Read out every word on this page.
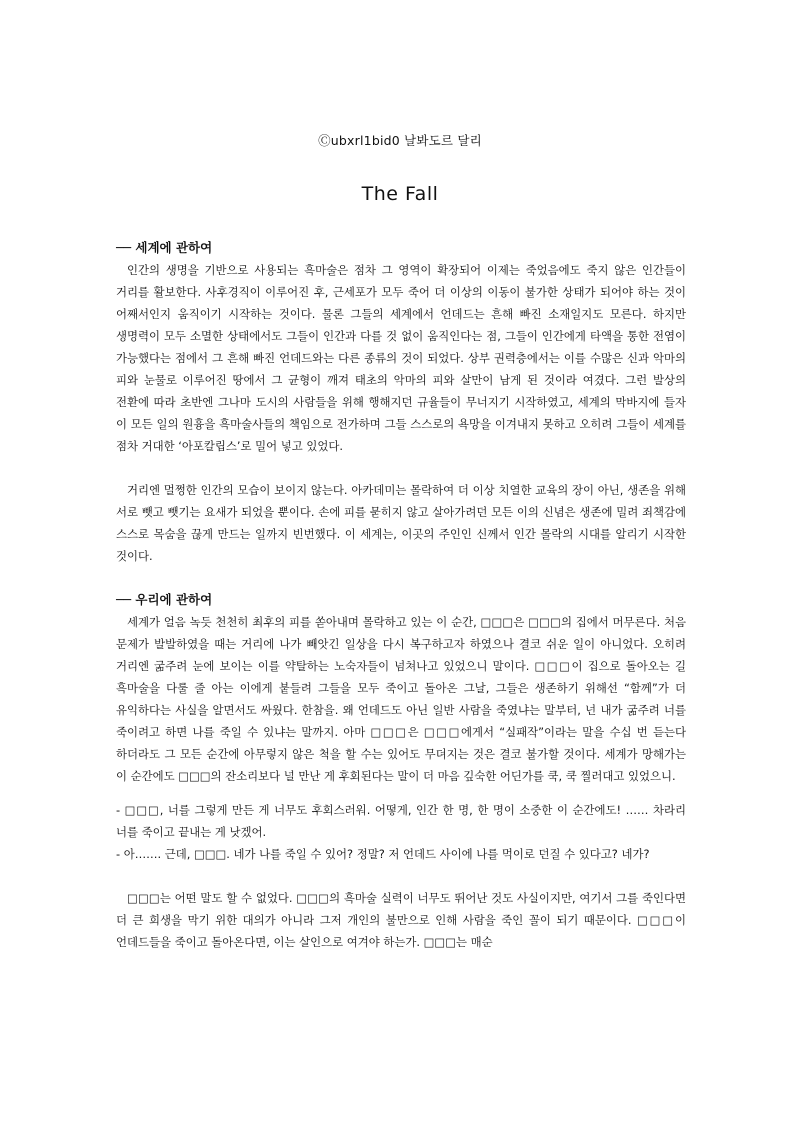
Ⓒubxrl1bid0 날봐도르 달리
The Fall
── 세계에 관하여

인간의 생명을 기반으로 사용되는 흑마술은 점차 그 영역이 확장되어 이제는 죽었음에도 죽지 않은 인간들이 거리를 활보한다. 사후경직이 이루어진 후, 근세포가 모두 죽어 더 이상의 이동이 불가한 상태가 되어야 하는 것이 어째서인지 움직이기 시작하는 것이다. 물론 그들의 세계에서 언데드는 흔해 빠진 소재일지도 모른다. 하지만 생명력이 모두 소멸한 상태에서도 그들이 인간과 다를 것 없이 움직인다는 점, 그들이 인간에게 타액을 통한 전염이 가능했다는 점에서 그 흔해 빠진 언데드와는 다른 종류의 것이 되었다. 상부 권력층에서는 이를 수많은 신과 악마의 피와 눈물로 이루어진 땅에서 그 균형이 깨져 태초의 악마의 피와 살만이 남게 된 것이라 여겼다. 그런 발상의 전환에 따라 초반엔 그나마 도시의 사람들을 위해 행해지던 규율들이 무너지기 시작하였고, 세계의 막바지에 들자 이 모든 일의 원흉을 흑마술사들의 책임으로 전가하며 그들 스스로의 욕망을 이겨내지 못하고 오히려 그들이 세계를 점차 거대한 ‘아포칼립스’로 밀어 넣고 있었다.

거리엔 멀쩡한 인간의 모습이 보이지 않는다. 아카데미는 몰락하여 더 이상 치열한 교육의 장이 아닌, 생존을 위해 서로 뺏고 뺏기는 요새가 되었을 뿐이다. 손에 피를 묻히지 않고 살아가려던 모든 이의 신념은 생존에 밀려 죄책감에 스스로 목숨을 끊게 만드는 일까지 빈번했다. 이 세계는, 이곳의 주인인 신께서 인간 몰락의 시대를 알리기 시작한 것이다.

── 우리에 관하여

세계가 얼음 녹듯 천천히 최후의 피를 쏟아내며 몰락하고 있는 이 순간, □□□은 □□□의 집에서 머무른다. 처음 문제가 발발하였을 때는 거리에 나가 빼앗긴 일상을 다시 복구하고자 하였으나 결코 쉬운 일이 아니었다. 오히려 거리엔 굶주려 눈에 보이는 이를 약탈하는 노숙자들이 넘쳐나고 있었으니 말이다. □□□이 집으로 돌아오는 길 흑마술을 다룰 줄 아는 이에게 붙들려 그들을 모두 죽이고 돌아온 그날, 그들은 생존하기 위해선 “함께”가 더 유익하다는 사실을 알면서도 싸웠다. 한참을. 왜 언데드도 아닌 일반 사람을 죽였냐는 말부터, 넌 내가 굶주려 너를 죽이려고 하면 나를 죽일 수 있냐는 말까지. 아마 □□□은 □□□에게서 “실패작”이라는 말을 수십 번 듣는다 하더라도 그 모든 순간에 아무렇지 않은 척을 할 수는 있어도 무뎌지는 것은 결코 불가할 것이다. 세계가 망해가는 이 순간에도 □□□의 잔소리보다 널 만난 게 후회된다는 말이 더 마음 깊숙한 어딘가를 쿡, 쿡 찔러대고 있었으니.

- □□□, 너를 그렇게 만든 게 너무도 후회스러워. 어떻게, 인간 한 명, 한 명이 소중한 이 순간에도! …… 차라리 너를 죽이고 끝내는 게 낫겠어.

- 아……. 근데, □□□. 네가 나를 죽일 수 있어? 정말? 저 언데드 사이에 나를 먹이로 던질 수 있다고? 네가?

□□□는 어떤 말도 할 수 없었다. □□□의 흑마술 실력이 너무도 뛰어난 것도 사실이지만, 여기서 그를 죽인다면 더 큰 희생을 막기 위한 대의가 아니라 그저 개인의 불만으로 인해 사람을 죽인 꼴이 되기 때문이다. □□□이 언데드들을 죽이고 돌아온다면, 이는 살인으로 여겨야 하는가. □□□는 매순
